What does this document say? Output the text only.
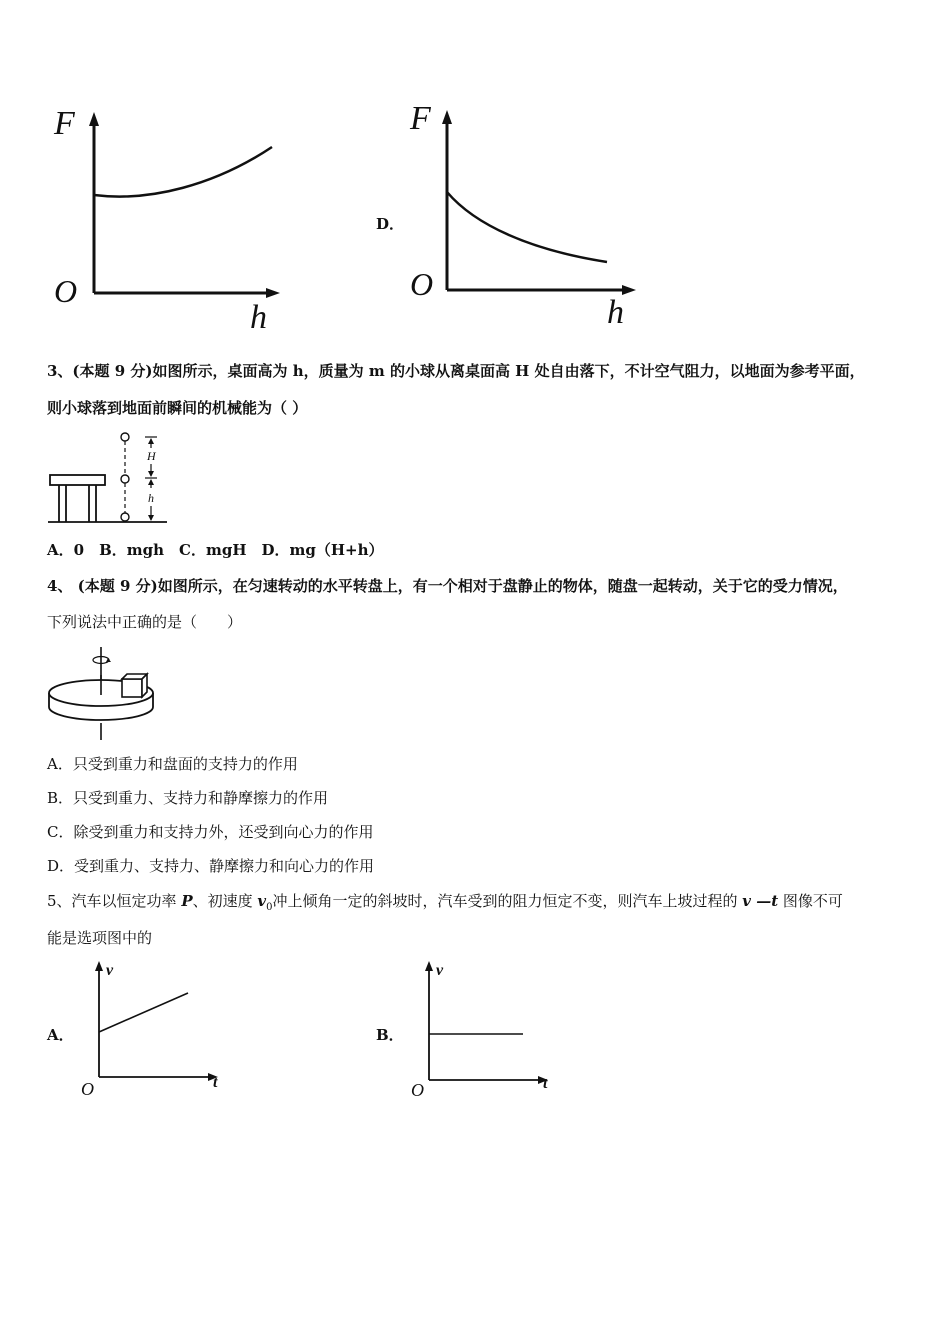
F
O
h
D．
F
O
h
3、(本题 9 分)如图所示，桌面高为 h，质量为 m 的小球从离桌面高 H 处自由落下，不计空气阻力，以地面为参考平面，
则小球落到地面前瞬间的机械能为（ ）
H
h
A．0　B．mgh　C．mgH　D．mg（H+h）
4、 (本题 9 分)如图所示，在匀速转动的水平转盘上，有一个相对于盘静止的物体，随盘一起转动，关于它的受力情况，
下列说法中正确的是（　　）
A．只受到重力和盘面的支持力的作用
B．只受到重力、支持力和静摩擦力的作用
C．除受到重力和支持力外，还受到向心力的作用
D．受到重力、支持力、静摩擦力和向心力的作用
5、汽车以恒定功率 P、初速度 $v_0$冲上倾角一定的斜坡时，汽车受到的阻力恒定不变，则汽车上坡过程的 v —t 图像不可
能是选项图中的
A．
v
O	t
B．
v
O	t
